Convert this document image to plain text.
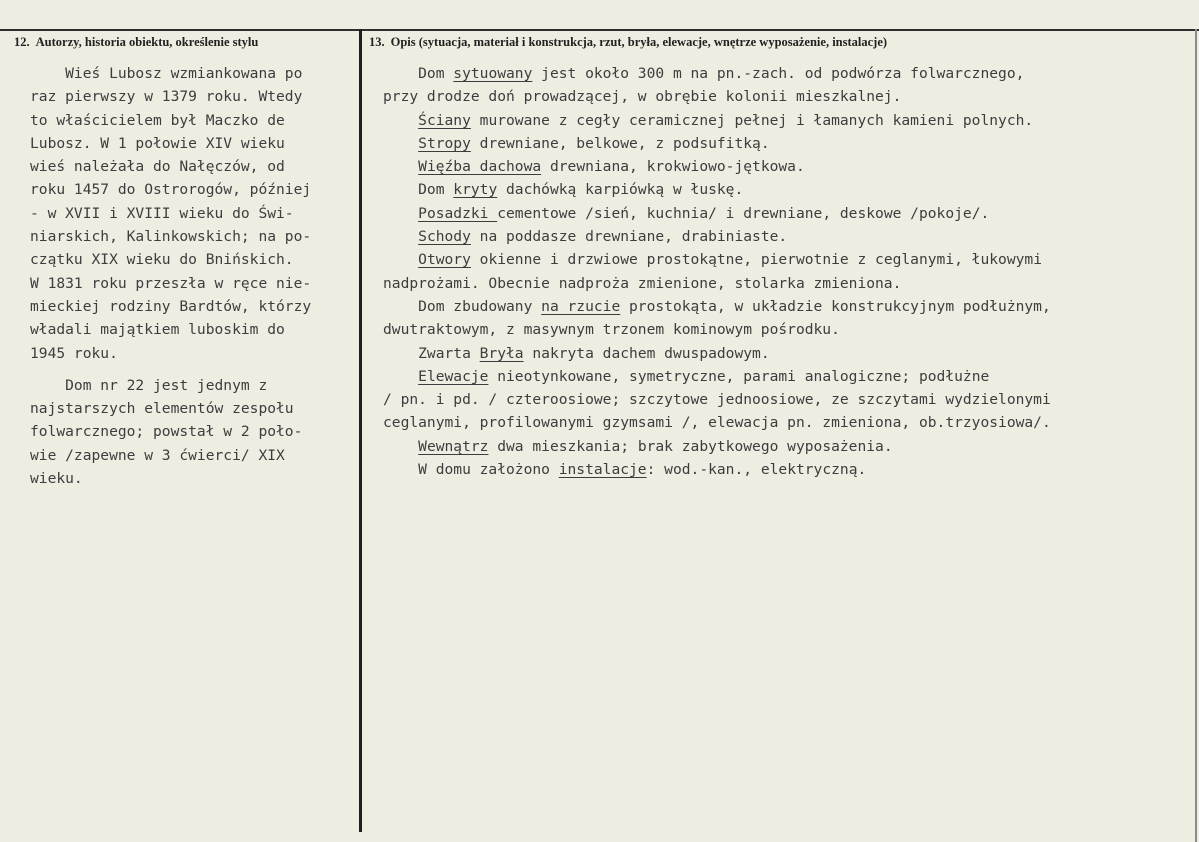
12. Autorzy, historia obiektu, określenie stylu	13. Opis (sytuacja, materiał i konstrukcja, rzut, bryła, elewacje, wnętrze wyposażenie, instalacje)
Wieś Lubosz wzmiankowana po
raz pierwszy w 1379 roku. Wtedy
to właścicielem był Maczko de
Lubosz. W 1 połowie XIV wieku
wieś należała do Nałęczów, od
roku 1457 do Ostrorogów, później
- w XVII i XVIII wieku do Świ-
niarskich, Kalinkowskich; na po-
czątku XIX wieku do Bnińskich.
W 1831 roku przeszła w ręce nie-
mieckiej rodziny Bardtów, którzy
władali majątkiem luboskim do
1945 roku.
Dom nr 22 jest jednym z
najstarszych elementów zespołu
folwarcznego; powstał w 2 poło-
wie /zapewne w 3 ćwierci/ XIX
wieku.
Dom sytuowany jest około 300 m na pn.-zach. od podwórza folwarcznego,
przy drodze doń prowadzącej, w obrębie kolonii mieszkalnej.
Ściany murowane z cegły ceramicznej pełnej i łamanych kamieni polnych.
Stropy drewniane, belkowe, z podsufitką.
Więźba dachowa drewniana, krokwiowo-jętkowa.
Dom kryty dachówką karpiówką w łuskę.
Posadzki cementowe /sień, kuchnia/ i drewniane, deskowe /pokoje/.
Schody na poddasze drewniane, drabiniaste.
Otwory okienne i drzwiowe prostokątne, pierwotnie z ceglanymi, łukowymi
nadprożami. Obecnie nadproża zmienione, stolarka zmieniona.
Dom zbudowany na rzucie prostokąta, w układzie konstrukcyjnym podłużnym,
dwutraktowym, z masywnym trzonem kominowym pośrodku.
Zwarta Bryła nakryta dachem dwuspadowym.
Elewacje nieotynkowane, symetryczne, parami analogiczne; podłużne
/ pn. i pd. / czteroosiowe; szczytowe jednoosiowe, ze szczytami wydzielonymi
ceglanymi, profilowanymi gzymsami /, elewacja pn. zmieniona, ob.trzyosiowa/.
Wewnątrz dwa mieszkania; brak zabytkowego wyposażenia.
W domu założono instalacje: wod.-kan., elektryczną.
